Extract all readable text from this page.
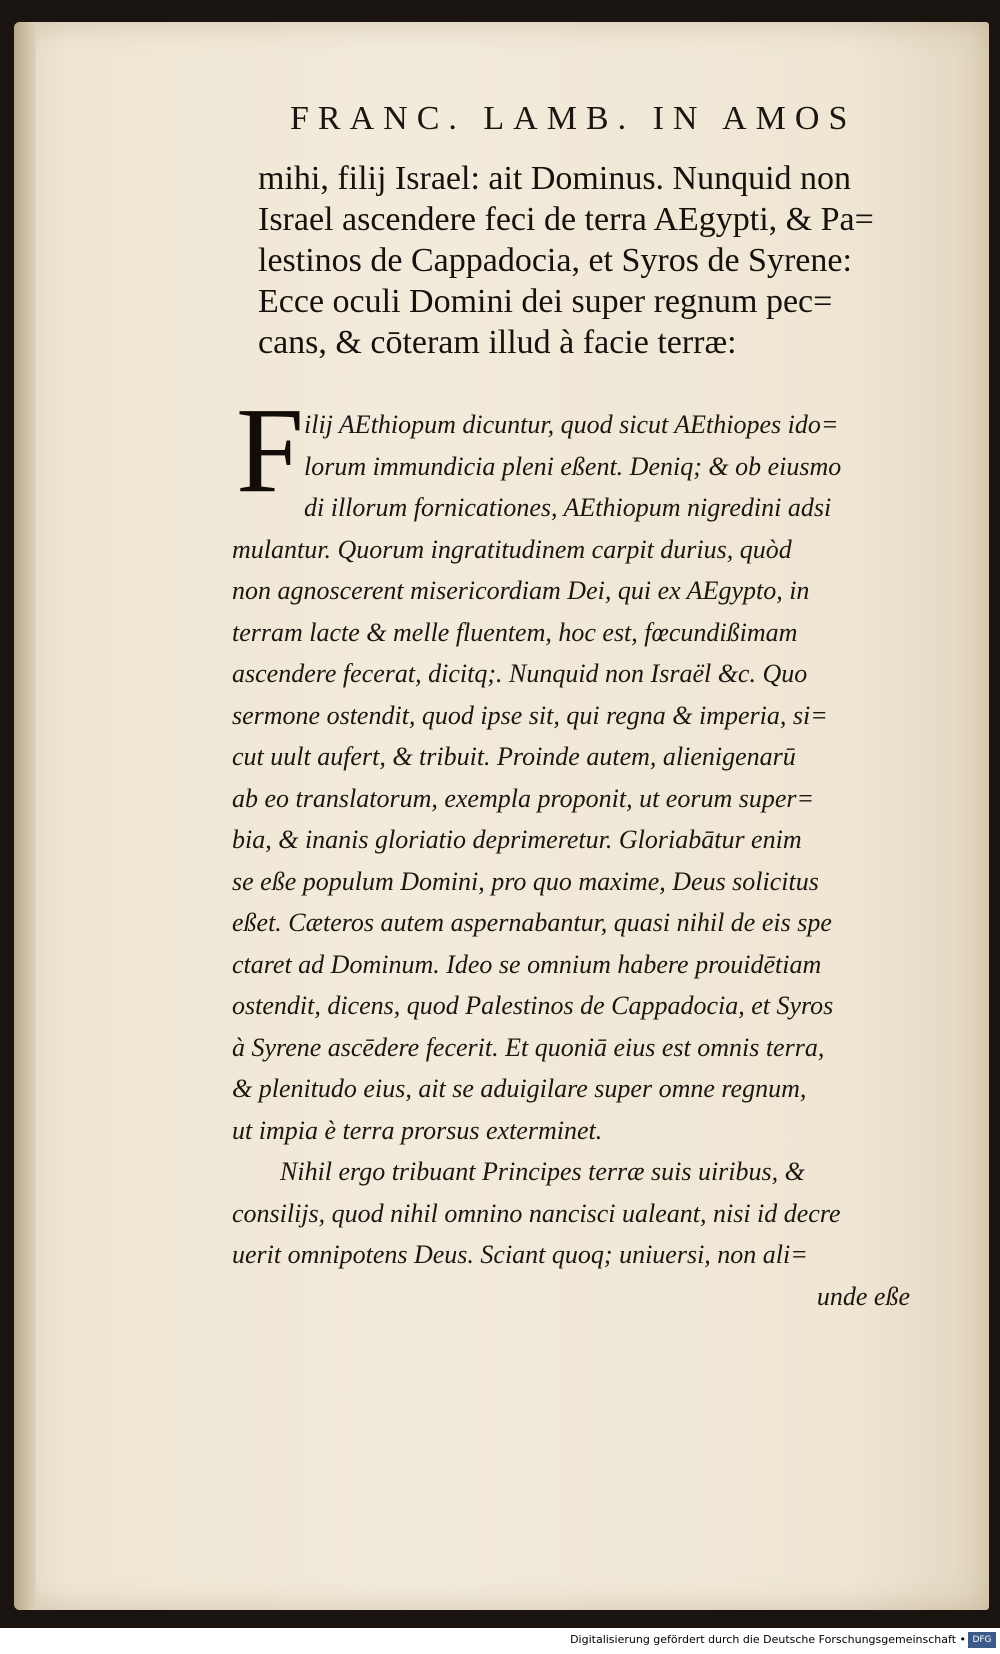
FRANC. LAMB. IN AMOS
mihi, filij Israel: ait Dominus. Nunquid non
Israel ascendere feci de terra AEgypti, & Pa=
lestinos de Cappadocia, et Syros de Syrene:
Ecce oculi Domini dei super regnum pec=
cans, & cōteram illud à facie terræ:
F ilij AEthiopum dicuntur, quod sicut AEthiopes ido=
lorum immundicia pleni eßent. Deniq; & ob eiusmo
di illorum fornicationes, AEthiopum nigredini adsi
mulantur. Quorum ingratitudinem carpit durius, quòd
non agnoscerent misericordiam Dei, qui ex AEgypto, in
terram lacte & melle fluentem, hoc est, fœcundißimam
ascendere fecerat, dicitq;. Nunquid non Israël &c. Quo
sermone ostendit, quod ipse sit, qui regna & imperia, si=
cut uult aufert, & tribuit. Proinde autem, alienigenarū
ab eo translatorum, exempla proponit, ut eorum super=
bia, & inanis gloriatio deprimeretur. Gloriabātur enim
se eße populum Domini, pro quo maxime, Deus solicitus
eßet. Cæteros autem aspernabantur, quasi nihil de eis spe
ctaret ad Dominum. Ideo se omnium habere prouidētiam
ostendit, dicens, quod Palestinos de Cappadocia, et Syros
à Syrene ascēdere fecerit. Et quoniā eius est omnis terra,
& plenitudo eius, ait se aduigilare super omne regnum,
ut impia è terra prorsus exterminet.
Nihil ergo tribuant Principes terræ suis uiribus, &
consilijs, quod nihil omnino nancisci ualeant, nisi id decre
uerit omnipotens Deus. Sciant quoq; uniuersi, non ali=
unde eße
Digitalisierung gefördert durch die Deutsche Forschungsgemeinschaft • DFG
